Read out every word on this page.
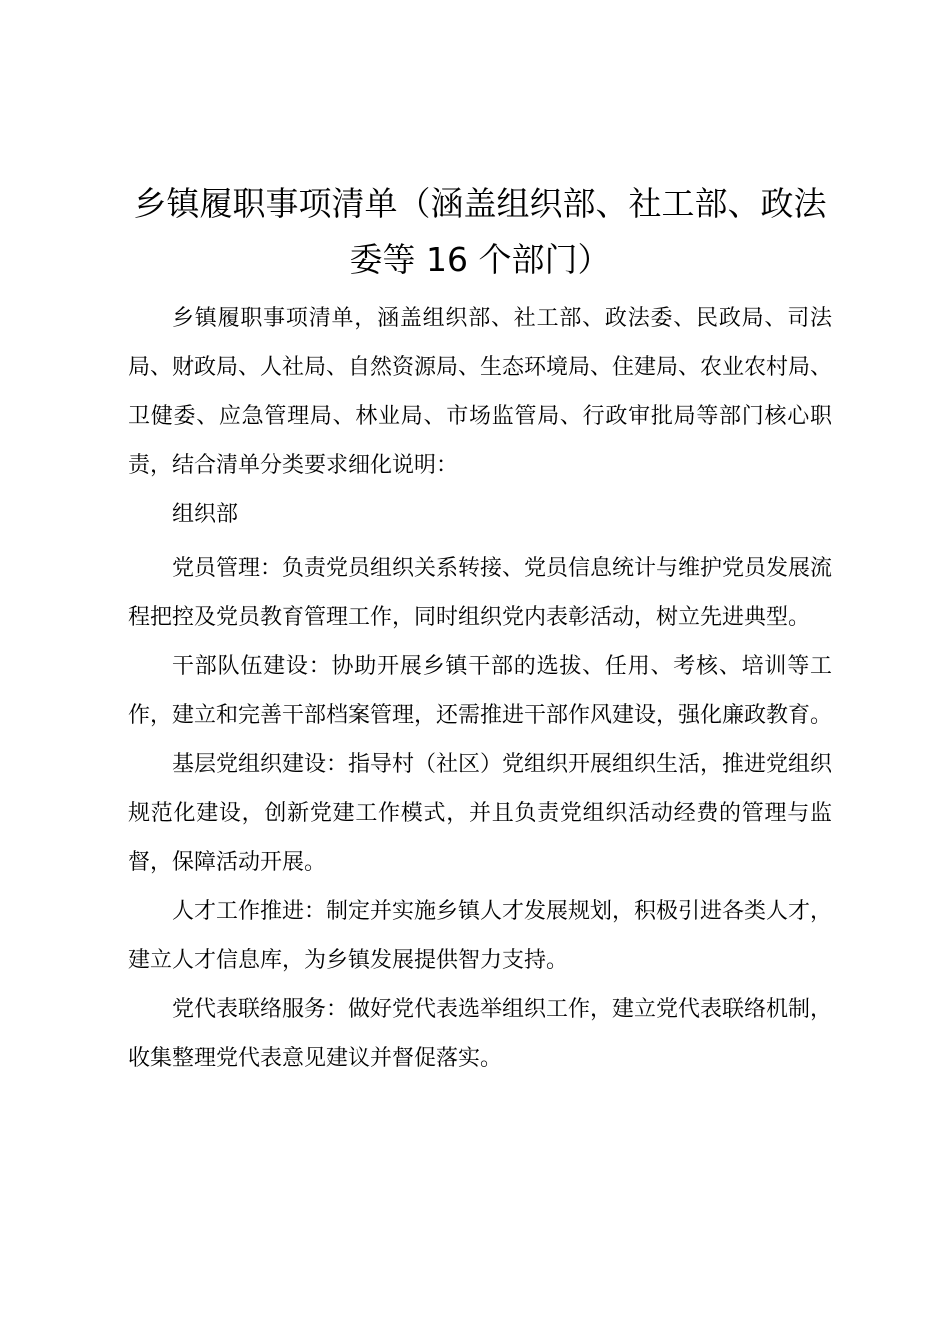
乡镇履职事项清单（涵盖组织部、社工部、政法委等 16 个部门）

乡镇履职事项清单，涵盖组织部、社工部、政法委、民政局、司法局、财政局、人社局、自然资源局、生态环境局、住建局、农业农村局、卫健委、应急管理局、林业局、市场监管局、行政审批局等部门核心职责，结合清单分类要求细化说明：

组织部

党员管理：负责党员组织关系转接、党员信息统计与维护党员发展流程把控及党员教育管理工作，同时组织党内表彰活动，树立先进典型。

干部队伍建设：协助开展乡镇干部的选拔、任用、考核、培训等工作，建立和完善干部档案管理，还需推进干部作风建设，强化廉政教育。

基层党组织建设：指导村（社区）党组织开展组织生活，推进党组织规范化建设，创新党建工作模式，并且负责党组织活动经费的管理与监督，保障活动开展。

人才工作推进：制定并实施乡镇人才发展规划，积极引进各类人才，建立人才信息库，为乡镇发展提供智力支持。

党代表联络服务：做好党代表选举组织工作，建立党代表联络机制，收集整理党代表意见建议并督促落实。
